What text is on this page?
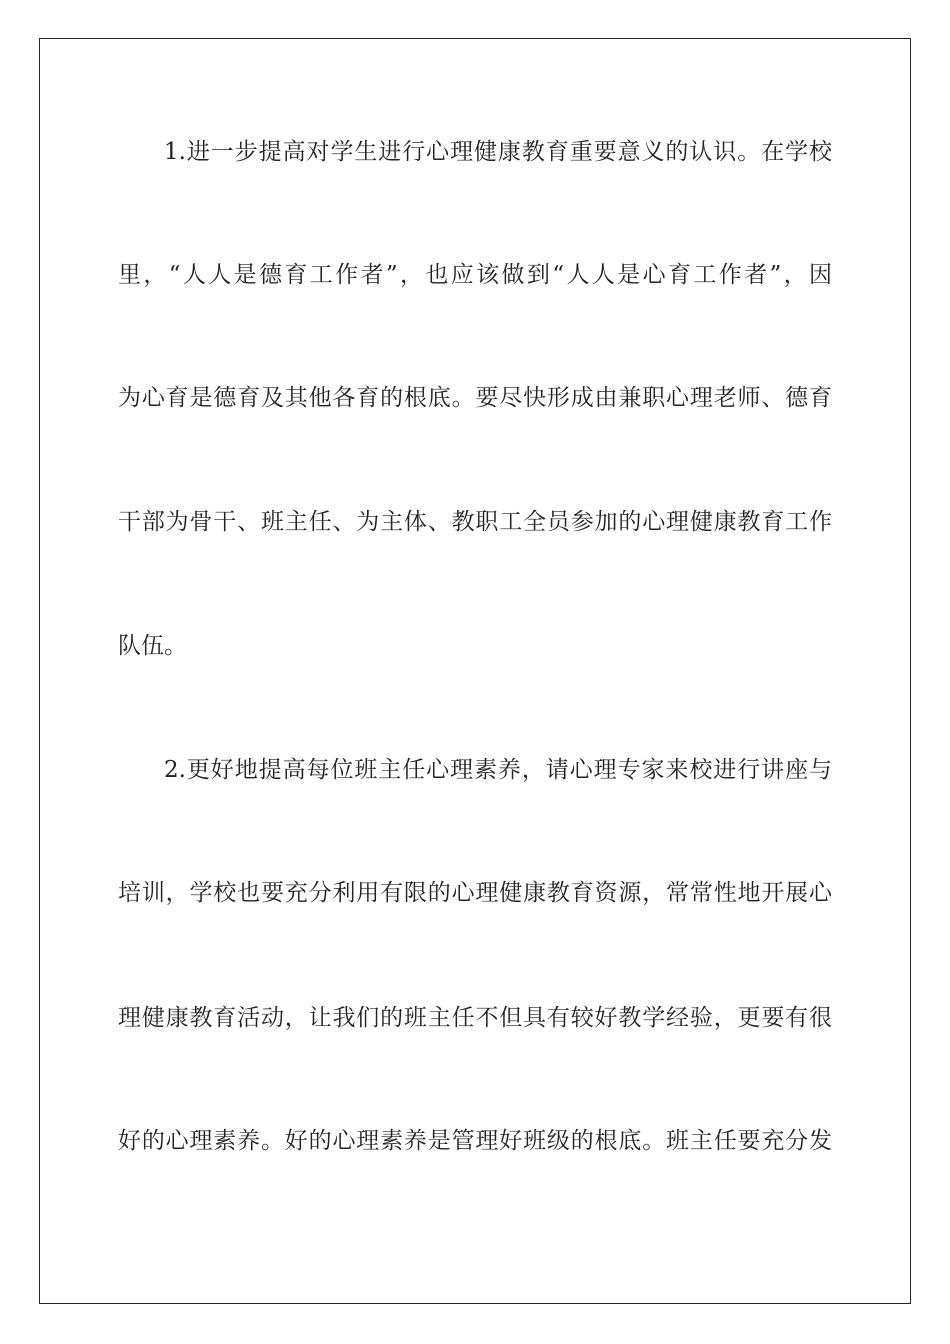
1.进一步提高对学生进行心理健康教育重要意义的认识。在学校
里，“人人是德育工作者”，也应该做到“人人是心育工作者”，因
为心育是德育及其他各育的根底。要尽快形成由兼职心理老师、德育
干部为骨干、班主任、为主体、教职工全员参加的心理健康教育工作
队伍。
2.更好地提高每位班主任心理素养，请心理专家来校进行讲座与
培训，学校也要充分利用有限的心理健康教育资源，常常性地开展心
理健康教育活动，让我们的班主任不但具有较好教学经验，更要有很
好的心理素养。好的心理素养是管理好班级的根底。班主任要充分发
